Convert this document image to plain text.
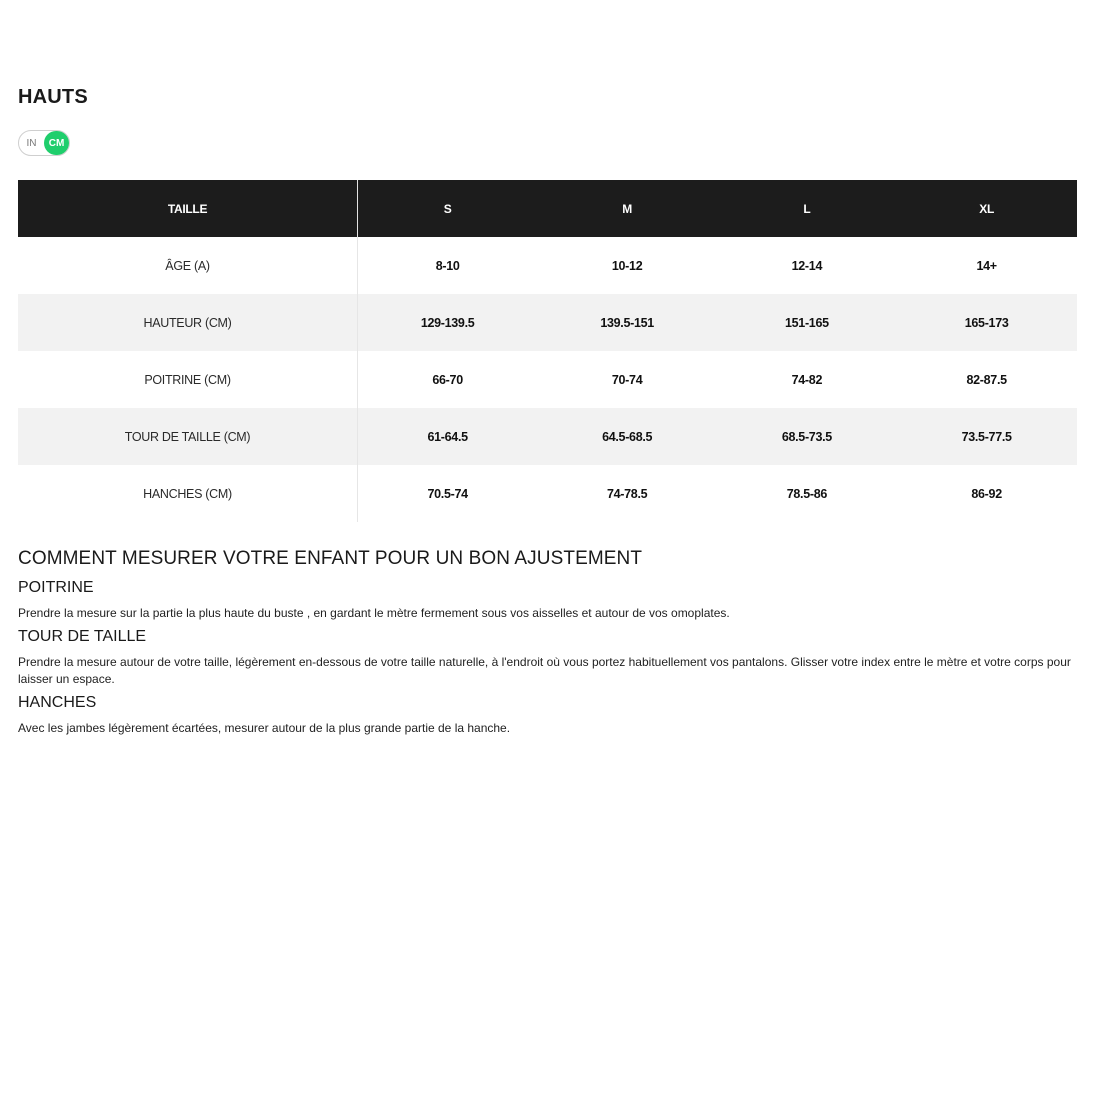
HAUTS
IN	CM
TAILLE	S	M	L	XL
ÂGE (A)	8-10	10-12	12-14	14+
HAUTEUR (CM)	129-139.5	139.5-151	151-165	165-173
POITRINE (CM)	66-70	70-74	74-82	82-87.5
TOUR DE TAILLE (CM)	61-64.5	64.5-68.5	68.5-73.5	73.5-77.5
HANCHES (CM)	70.5-74	74-78.5	78.5-86	86-92
COMMENT MESURER VOTRE ENFANT POUR UN BON AJUSTEMENT
POITRINE

Prendre la mesure sur la partie la plus haute du buste , en gardant le mètre fermement sous vos aisselles et autour de vos omoplates.

TOUR DE TAILLE

Prendre la mesure autour de votre taille, légèrement en-dessous de votre taille naturelle, à l'endroit où vous portez habituellement vos pantalons. Glisser votre index entre le mètre et votre corps pour laisser un espace.

HANCHES

Avec les jambes légèrement écartées, mesurer autour de la plus grande partie de la hanche.
